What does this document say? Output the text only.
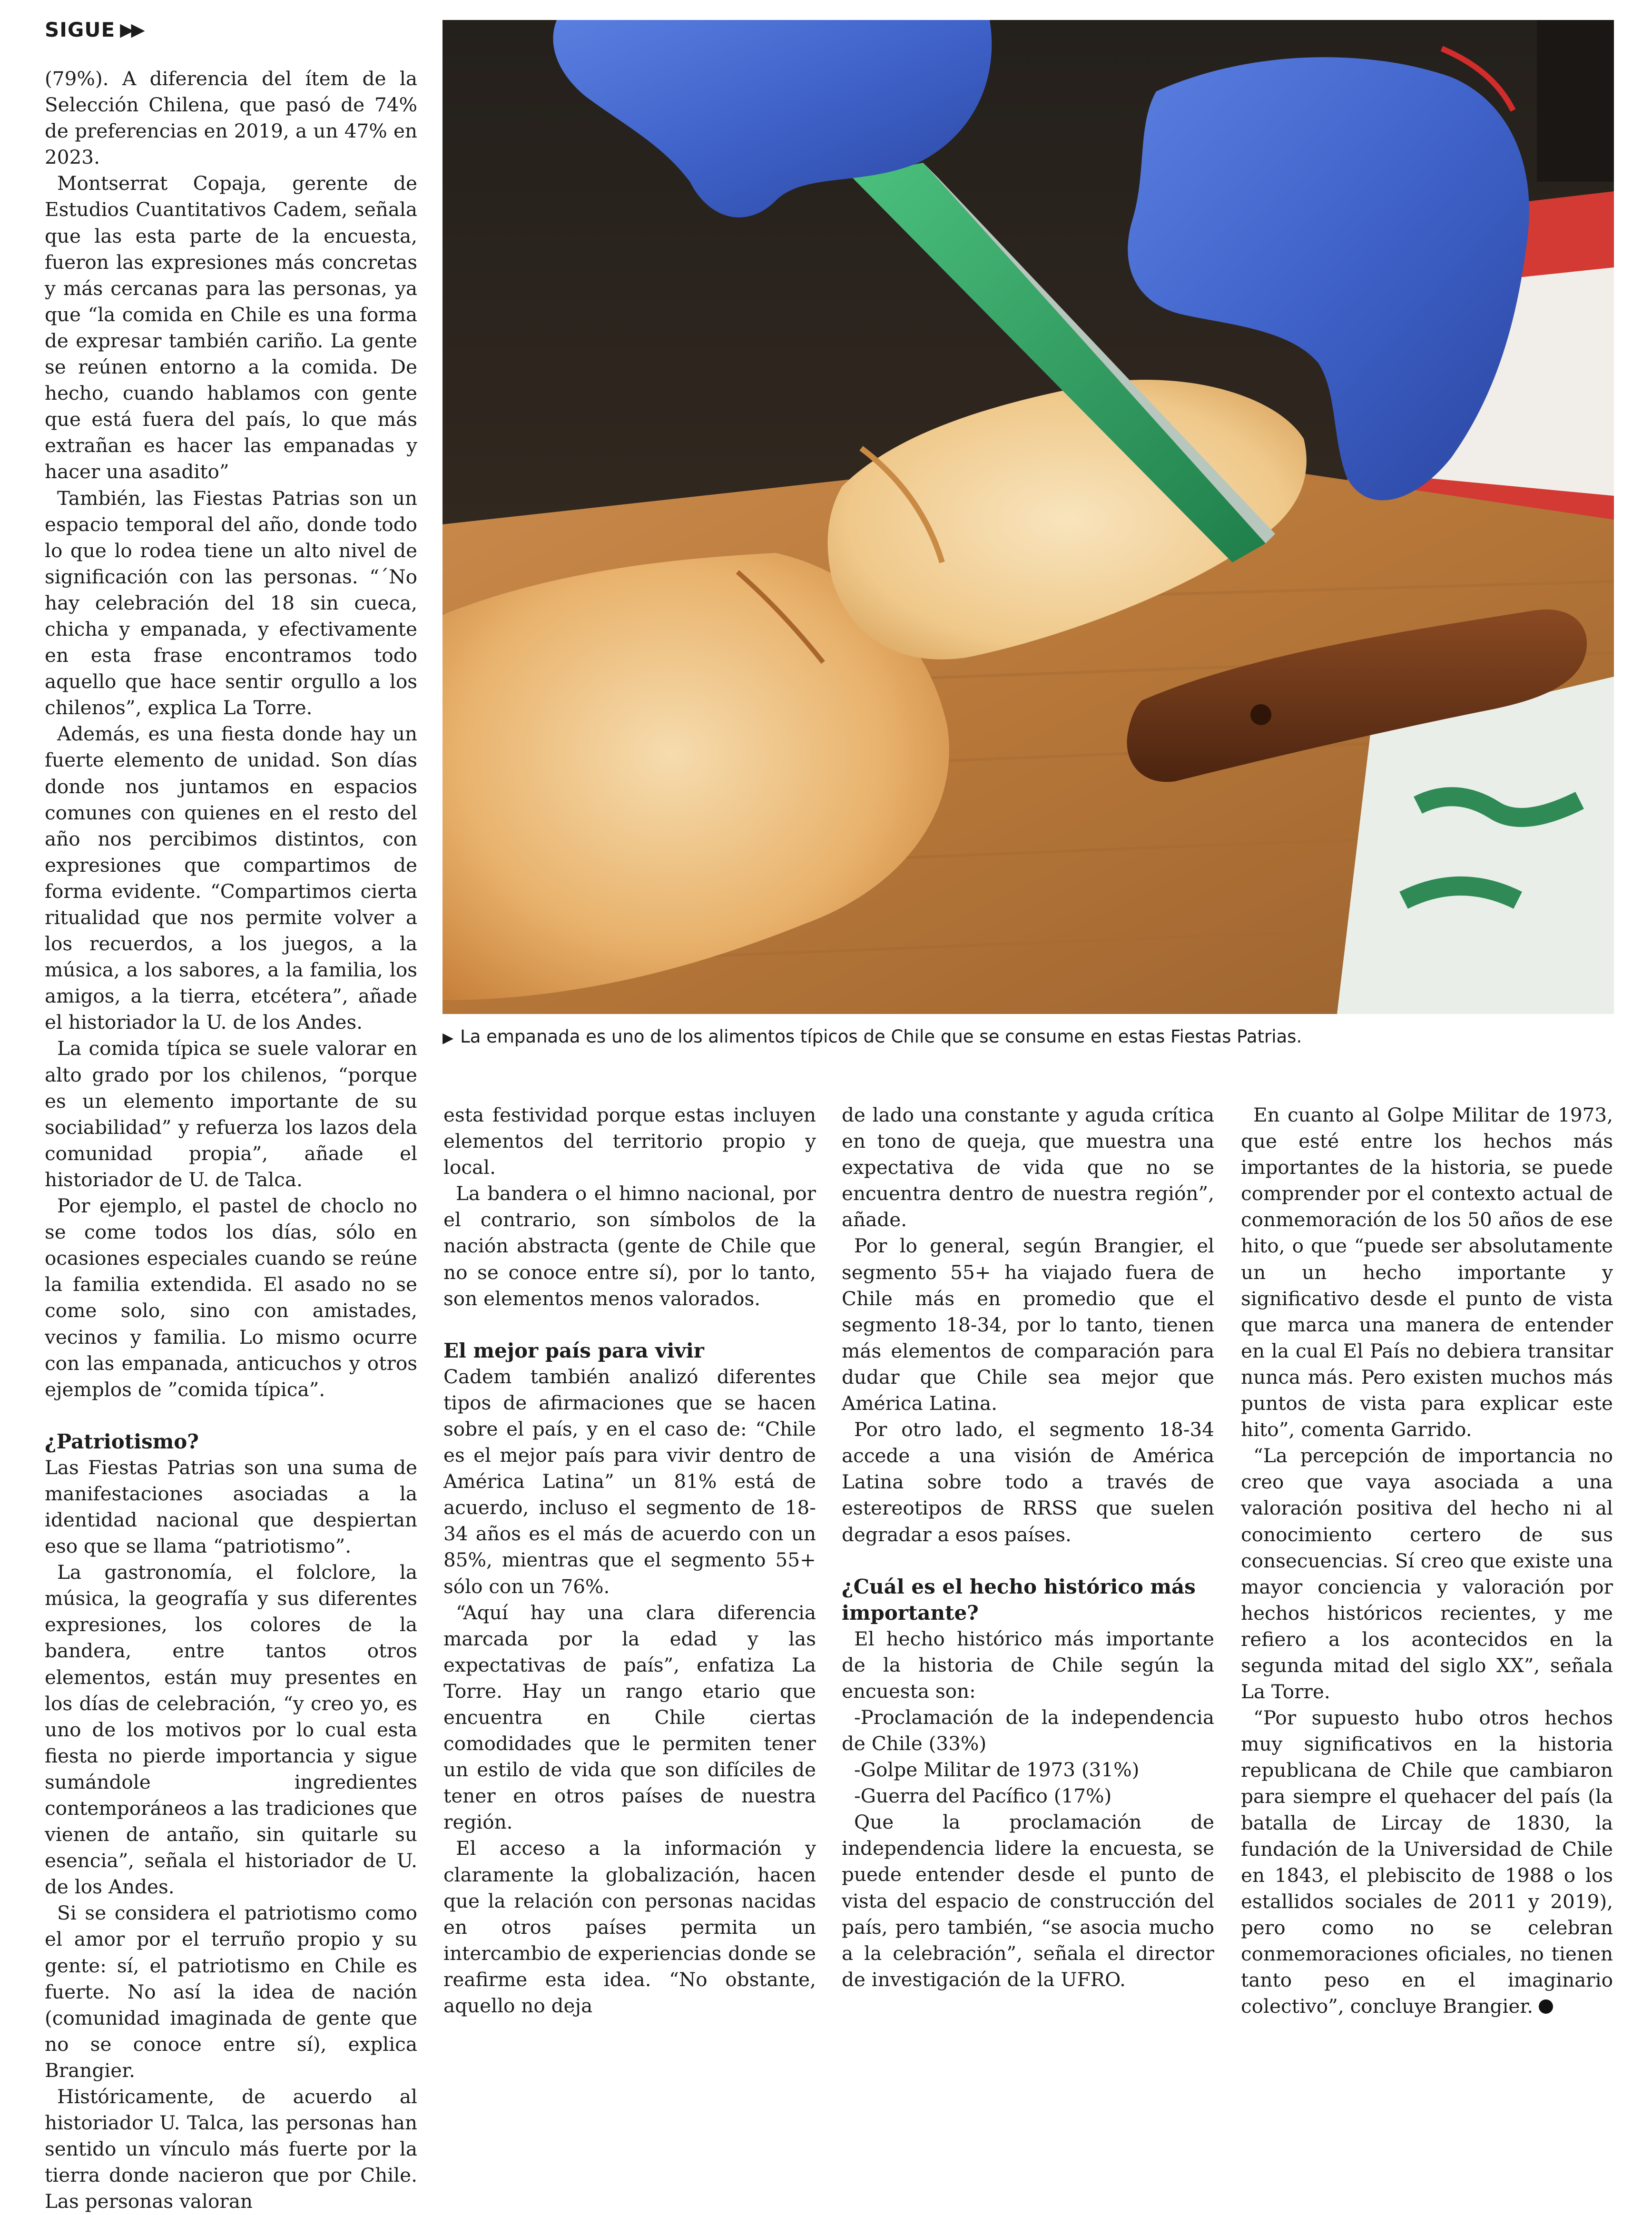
SIGUE ▶▶
▶ La empanada es uno de los alimentos típicos de Chile que se consume en estas Fiestas Patrias.

(79%). A diferencia del ítem de la Selección Chilena, que pasó de 74% de preferencias en 2019, a un 47% en 2023.

Montserrat Copaja, gerente de Estudios Cuantitativos Cadem, señala que las esta parte de la encuesta, fueron las expresiones más concretas y más cercanas para las personas, ya que “la comida en Chile es una forma de expresar también cariño. La gente se reúnen entorno a la comida. De hecho, cuando hablamos con gente que está fuera del país, lo que más extrañan es hacer las empanadas y hacer una asadito”

También, las Fiestas Patrias son un espacio temporal del año, donde todo lo que lo rodea tiene un alto nivel de significación con las personas. “´No hay celebración del 18 sin cueca, chicha y empanada, y efectivamente en esta frase encontramos todo aquello que hace sentir orgullo a los chilenos”, explica La Torre.

Además, es una fiesta donde hay un fuerte elemento de unidad. Son días donde nos juntamos en espacios comunes con quienes en el resto del año nos percibimos distintos, con expresiones que compartimos de forma evidente. “Compartimos cierta ritualidad que nos permite volver a los recuerdos, a los juegos, a la música, a los sabores, a la familia, los amigos, a la tierra, etcétera”, añade el historiador la U. de los Andes.

La comida típica se suele valorar en alto grado por los chilenos, “porque es un elemento importante de su sociabilidad” y refuerza los lazos dela comunidad propia”, añade el historiador de U. de Talca.

Por ejemplo, el pastel de choclo no se come todos los días, sólo en ocasiones especiales cuando se reúne la familia extendida. El asado no se come solo, sino con amistades, vecinos y familia. Lo mismo ocurre con las empanada, anticuchos y otros ejemplos de ”comida típica”.

¿Patriotismo?

Las Fiestas Patrias son una suma de manifestaciones asociadas a la identidad nacional que despiertan eso que se llama “patriotismo”.

La gastronomía, el folclore, la música, la geografía y sus diferentes expresiones, los colores de la bandera, entre tantos otros elementos, están muy presentes en los días de celebración, “y creo yo, es uno de los motivos por lo cual esta fiesta no pierde importancia y sigue sumándole ingredientes contemporáneos a las tradiciones que vienen de antaño, sin quitarle su esencia”, señala el historiador de U. de los Andes.

Si se considera el patriotismo como el amor por el terruño propio y su gente: sí, el patriotismo en Chile es fuerte. No así la idea de nación (comunidad imaginada de gente que no se conoce entre sí), explica Brangier.

Históricamente, de acuerdo al historiador U. Talca, las personas han sentido un vínculo más fuerte por la tierra donde nacieron que por Chile. Las personas valoran

esta festividad porque estas incluyen elementos del territorio propio y local.

La bandera o el himno nacional, por el contrario, son símbolos de la nación abstracta (gente de Chile que no se conoce entre sí), por lo tanto, son elementos menos valorados.

El mejor país para vivir

Cadem también analizó diferentes tipos de afirmaciones que se hacen sobre el país, y en el caso de: “Chile es el mejor país para vivir dentro de América Latina” un 81% está de acuerdo, incluso el segmento de 18-34 años es el más de acuerdo con un 85%, mientras que el segmento 55+ sólo con un 76%.

“Aquí hay una clara diferencia marcada por la edad y las expectativas de país”, enfatiza La Torre. Hay un rango etario que encuentra en Chile ciertas comodidades que le permiten tener un estilo de vida que son difíciles de tener en otros países de nuestra región.

El acceso a la información y claramente la globalización, hacen que la relación con personas nacidas en otros países permita un intercambio de experiencias donde se reafirme esta idea. “No obstante, aquello no deja

de lado una constante y aguda crítica en tono de queja, que muestra una expectativa de vida que no se encuentra dentro de nuestra región”, añade.

Por lo general, según Brangier, el segmento 55+ ha viajado fuera de Chile más en promedio que el segmento 18-34, por lo tanto, tienen más elementos de comparación para dudar que Chile sea mejor que América Latina.

Por otro lado, el segmento 18-34 accede a una visión de América Latina sobre todo a través de estereotipos de RRSS que suelen degradar a esos países.

¿Cuál es el hecho histórico más importante?

El hecho histórico más importante de la historia de Chile según la encuesta son:

-Proclamación de la independencia de Chile (33%)

-Golpe Militar de 1973 (31%)

-Guerra del Pacífico (17%)

Que la proclamación de independencia lidere la encuesta, se puede entender desde el punto de vista del espacio de construcción del país, pero también, “se asocia mucho a la celebración”, señala el director de investigación de la UFRO.

En cuanto al Golpe Militar de 1973, que esté entre los hechos más importantes de la historia, se puede comprender por el contexto actual de conmemoración de los 50 años de ese hito, o que “puede ser absolutamente un un hecho importante y significativo desde el punto de vista que marca una manera de entender en la cual El País no debiera transitar nunca más. Pero existen muchos más puntos de vista para explicar este hito”, comenta Garrido.

“La percepción de importancia no creo que vaya asociada a una valoración positiva del hecho ni al conocimiento certero de sus consecuencias. Sí creo que existe una mayor conciencia y valoración por hechos históricos recientes, y me refiero a los acontecidos en la segunda mitad del siglo XX”, señala La Torre.

“Por supuesto hubo otros hechos muy significativos en la historia republicana de Chile que cambiaron para siempre el quehacer del país (la batalla de Lircay de 1830, la fundación de la Universidad de Chile en 1843, el plebiscito de 1988 o los estallidos sociales de 2011 y 2019), pero como no se celebran conmemoraciones oficiales, no tienen tanto peso en el imaginario colectivo”, concluye Brangier.
